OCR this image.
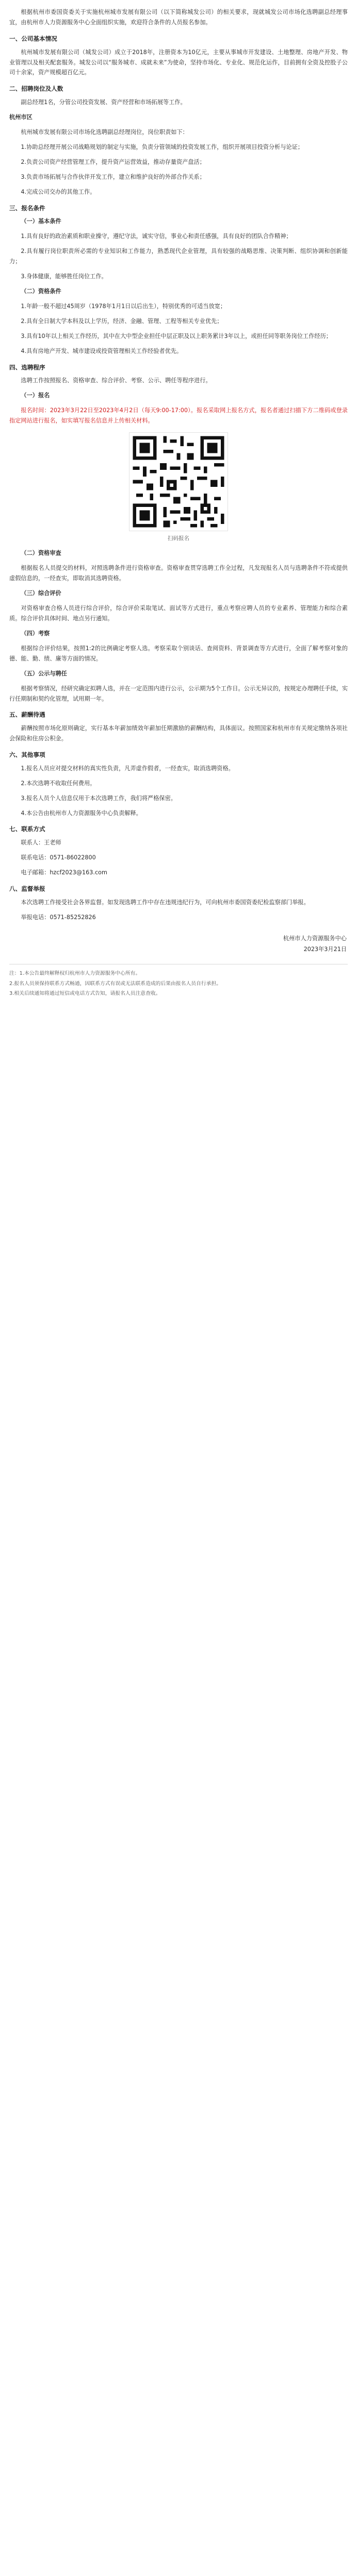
根据杭州市委国资委关于实施杭州城市发展有限公司（以下简称城发公司）的相关要求，现就城发公司市场化选聘副总经理事宜，由杭州市人力资源服务中心全面组织实施，欢迎符合条件的人员报名参加。

一、公司基本情况

杭州城市发展有限公司（城发公司）成立于2018年，注册资本为10亿元，主要从事城市开发建设、土地整理、房地产开发、物业管理以及相关配套服务。城发公司以“服务城市、成就未来”为使命，坚持市场化、专业化、规范化运作，目前拥有全资及控股子公司十余家，资产规模超百亿元。

二、招聘岗位及人数

副总经理1名，分管公司投资发展、资产经营和市场拓展等工作。

杭州市区

杭州城市发展有限公司市场化选聘副总经理岗位，岗位职责如下：

1.协助总经理开展公司战略规划的制定与实施，负责分管领域的投资发展工作，组织开展项目投资分析与论证；

2.负责公司资产经营管理工作，提升资产运营效益，推动存量资产盘活；

3.负责市场拓展与合作伙伴开发工作，建立和维护良好的外部合作关系；

4.完成公司交办的其他工作。

三、报名条件

（一）基本条件

1.具有良好的政治素质和职业操守，遵纪守法，诚实守信，事业心和责任感强，具有良好的团队合作精神；

2.具有履行岗位职责所必需的专业知识和工作能力，熟悉现代企业管理，具有较强的战略思维、决策判断、组织协调和创新能力；

3.身体健康，能够胜任岗位工作。

（二）资格条件

1.年龄一般不超过45周岁（1978年1月1日以后出生），特别优秀的可适当放宽；

2.具有全日制大学本科及以上学历，经济、金融、管理、工程等相关专业优先；

3.具有10年以上相关工作经历，其中在大中型企业担任中层正职及以上职务累计3年以上，或担任同等职务岗位工作经历；

4.具有房地产开发、城市建设或投资管理相关工作经验者优先。

四、选聘程序

选聘工作按照报名、资格审查、综合评价、考察、公示、聘任等程序进行。

（一）报名

报名时间：2023年3月22日至2023年4月2日（每天9:00-17:00）。报名采取网上报名方式，报名者通过扫描下方二维码或登录指定网站进行报名，如实填写报名信息并上传相关材料。

扫码报名

（二）资格审查

根据报名人员提交的材料，对照选聘条件进行资格审查。资格审查贯穿选聘工作全过程，凡发现报名人员与选聘条件不符或提供虚假信息的，一经查实，即取消其选聘资格。

（三）综合评价

对资格审查合格人员进行综合评价，综合评价采取笔试、面试等方式进行，重点考察应聘人员的专业素养、管理能力和综合素质。综合评价具体时间、地点另行通知。

（四）考察

根据综合评价结果，按照1:2的比例确定考察人选。考察采取个别谈话、查阅资料、背景调查等方式进行，全面了解考察对象的德、能、勤、绩、廉等方面的情况。

（五）公示与聘任

根据考察情况，经研究确定拟聘人选，并在一定范围内进行公示，公示期为5个工作日。公示无异议的，按规定办理聘任手续，实行任期制和契约化管理，试用期一年。

五、薪酬待遇

薪酬按照市场化原则确定，实行基本年薪加绩效年薪加任期激励的薪酬结构，具体面议。按照国家和杭州市有关规定缴纳各项社会保险和住房公积金。

六、其他事项

1.报名人员应对提交材料的真实性负责，凡弄虚作假者，一经查实，取消选聘资格。

2.本次选聘不收取任何费用。

3.报名人员个人信息仅用于本次选聘工作，我们将严格保密。

4.本公告由杭州市人力资源服务中心负责解释。

七、联系方式

联系人：王老师

联系电话：0571-86022800

电子邮箱：hzcf2023@163.com

八、监督举报

本次选聘工作接受社会各界监督。如发现选聘工作中存在违规违纪行为，可向杭州市委国资委纪检监察部门举报。

举报电话：0571-85252826

杭州市人力资源服务中心
2023年3月21日

注：1.本公告最终解释权归杭州市人力资源服务中心所有。

2.报名人员须保持联系方式畅通，因联系方式有误或无法联系造成的后果由报名人员自行承担。

3.相关后续通知将通过短信或电话方式告知，请报名人员注意查收。
